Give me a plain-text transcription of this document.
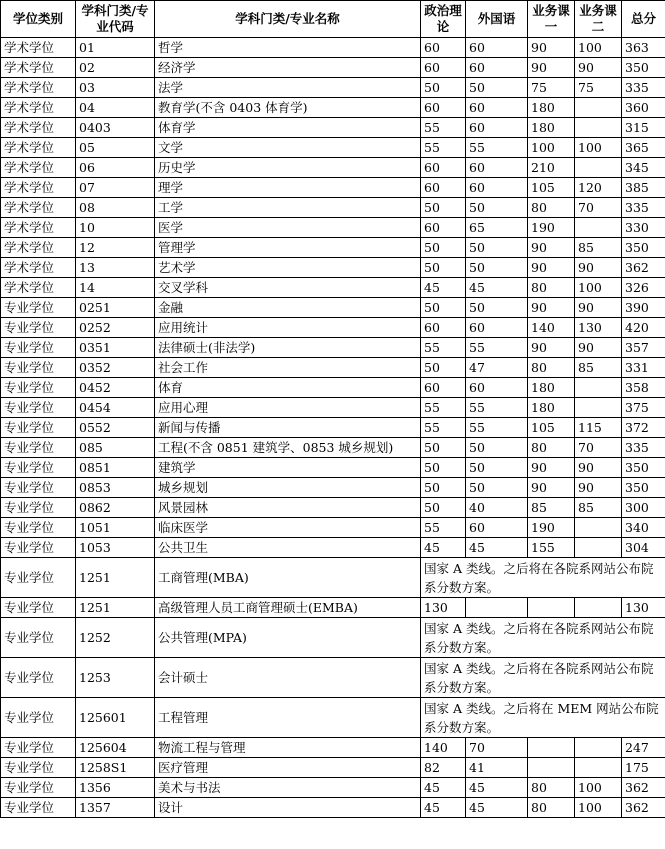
学位类别	学科门类/专业代码	学科门类/专业名称	政治理论	外国语	业务课一	业务课二	总分
学术学位	01	哲学	60	60	90	100	363
学术学位	02	经济学	60	60	90	90	350
学术学位	03	法学	50	50	75	75	335
学术学位	04	教育学(不含 0403 体育学)	60	60	180		360
学术学位	0403	体育学	55	60	180		315
学术学位	05	文学	55	55	100	100	365
学术学位	06	历史学	60	60	210		345
学术学位	07	理学	60	60	105	120	385
学术学位	08	工学	50	50	80	70	335
学术学位	10	医学	60	65	190		330
学术学位	12	管理学	50	50	90	85	350
学术学位	13	艺术学	50	50	90	90	362
学术学位	14	交叉学科	45	45	80	100	326
专业学位	0251	金融	50	50	90	90	390
专业学位	0252	应用统计	60	60	140	130	420
专业学位	0351	法律硕士(非法学)	55	55	90	90	357
专业学位	0352	社会工作	50	47	80	85	331
专业学位	0452	体育	60	60	180		358
专业学位	0454	应用心理	55	55	180		375
专业学位	0552	新闻与传播	55	55	105	115	372
专业学位	085	工程(不含 0851 建筑学、0853 城乡规划)	50	50	80	70	335
专业学位	0851	建筑学	50	50	90	90	350
专业学位	0853	城乡规划	50	50	90	90	350
专业学位	0862	风景园林	50	40	85	85	300
专业学位	1051	临床医学	55	60	190		340
专业学位	1053	公共卫生	45	45	155		304
专业学位	1251	工商管理(MBA)	国家 A 类线。之后将在各院系网站公布院系分数方案。				
专业学位	1251	高级管理人员工商管理硕士(EMBA)	130				130
专业学位	1252	公共管理(MPA)	国家 A 类线。之后将在各院系网站公布院系分数方案。				
专业学位	1253	会计硕士	国家 A 类线。之后将在各院系网站公布院系分数方案。				
专业学位	125601	工程管理	国家 A 类线。之后将在 MEM 网站公布院系分数方案。				
专业学位	125604	物流工程与管理	140	70			247
专业学位	1258S1	医疗管理	82	41			175
专业学位	1356	美术与书法	45	45	80	100	362
专业学位	1357	设计	45	45	80	100	362
